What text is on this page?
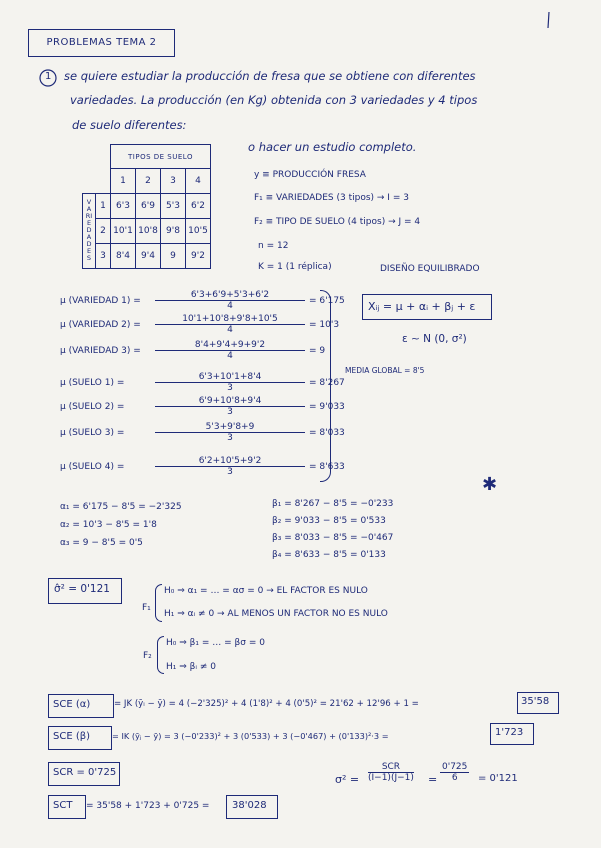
PROBLEMAS TEMA 2
1 se quiere estudiar la producción de fresa que se obtiene con diferentes
variedades. La producción (en Kg) obtenida con 3 variedades y 4 tipos
de suelo diferentes:
		TIPOS DE SUELO			
		1	2	3	4
VARIEDADES	1	6'3	6'9	5'3	6'2
	2	10'1	10'8	9'8	10'5
	3	8'4	9'4	9	9'2
o hacer un estudio completo.
y ≡ PRODUCCIÓN FRESA
F₁ ≡ VARIEDADES (3 tipos) → I = 3
F₂ ≡ TIPO DE SUELO (4 tipos) → J = 4
n = 12
K = 1 (1 réplica)	DISEÑO EQUILIBRADO
μ (VARIEDAD $1) = \frac{6'3+6'9+5'3+6'2}{4} = 6'175$
μ (VARIEDAD $2) = \frac{10'1+10'8+9'8+10'5}{4} = 10'3$
μ (VARIEDAD $3) = \frac{8'4+9'4+9+9'2}{4} = 9$
μ (SUELO 1) =	$\frac{6'3+10'1+8'4}{3} = 8'267$
μ (SUELO 2) =	$\frac{6'9+10'8+9'4}{3} = 9'033$
μ (SUELO 3) =	$\frac{5'3+9'8+9}{3} = 8'033$
μ (SUELO 4) =	$\frac{6'2+10'5+9'2}{3} = 8'633$
Xᵢⱼ = μ + αᵢ + βⱼ + ε
ε ∼ N (0, σ²)
MEDIA GLOBAL = 8'5
α₁ = 6'175 − 8'5 = −2'325
α₂ = 10'3 − 8'5 = 1'8
α₃ = 9 − 8'5 = 0'5
β₁ = 8'267 − 8'5 = −0'233
β₂ = 9'033 − 8'5 = 0'533
β₃ = 8'033 − 8'5 = −0'467
β₄ = 8'633 − 8'5 = 0'133
✱
σ̂² = 0'121
F₁
H₀ ⇒ α₁ = … = ασ = 0 → EL FACTOR ES NULO
H₁ ⇒ αᵢ ≠ 0 → AL MENOS UN FACTOR NO ES NULO
F₂
H₀ ⇒ β₁ = … = βσ = 0
H₁ ⇒ βᵢ ≠ 0
SCE (α)	= JK (ȳᵢ − ȳ) = 4 (−2'325)² + 4 (1'8)² + 4 (0'5)² = 21'62 + 12'96 + 1 =	35'58
SCE (β)	= IK (ȳⱼ − ȳ) = 3 (−0'233)² + 3 (0'533) + 3 (−0'467) + (0'133)²·3 =	1'723
SCR = 0'725
σ² =
SCR
$(I-1)(J-1) = \frac{0'725}{6} = 0'121$
SCT = 35'58 + 1'723 + 0'725 = 38'028
